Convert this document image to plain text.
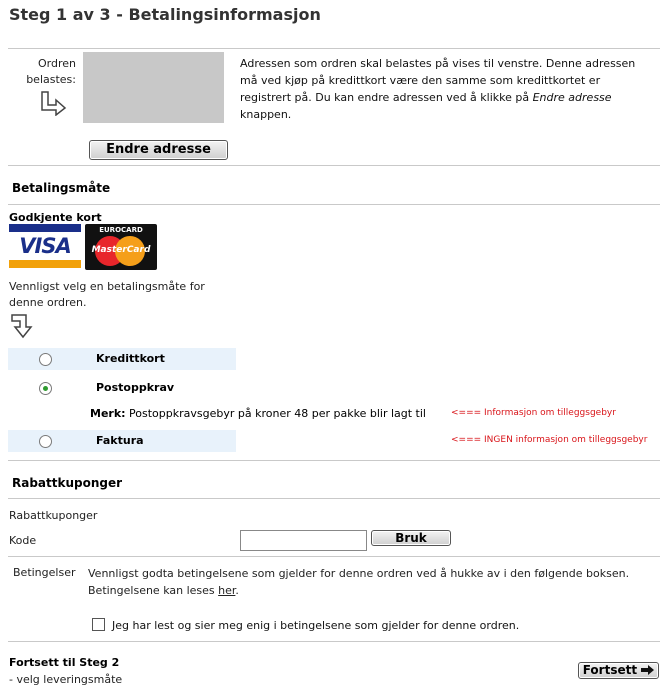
Steg 1 av 3 - Betalingsinformasjon
Ordren belastes:
Adressen som ordren skal belastes på vises til venstre. Denne adressen må ved kjøp på kredittkort være den samme som kredittkortet er registrert på. Du kan endre adressen ved å klikke på Endre adresse knappen.
Endre adresse
Betalingsmåte
Godkjente kort
VISA
EUROCARD
MasterCard
Vennligst velg en betalingsmåte for denne ordren.
Kredittkort
Postoppkrav
Merk: Postoppkravsgebyr på kroner 48 per pakke blir lagt til	<=== Informasjon om tilleggsgebyr
Faktura	<=== INGEN informasjon om tilleggsgebyr
Rabattkuponger
Rabattkuponger
Kode	Bruk
Betingelser Vennligst godta betingelsene som gjelder for denne ordren ved å hukke av i den følgende boksen. Betingelsene kan leses her.
Jeg har lest og sier meg enig i betingelsene som gjelder for denne ordren.
Fortsett til Steg 2
- velg leveringsmåte
Fortsett
